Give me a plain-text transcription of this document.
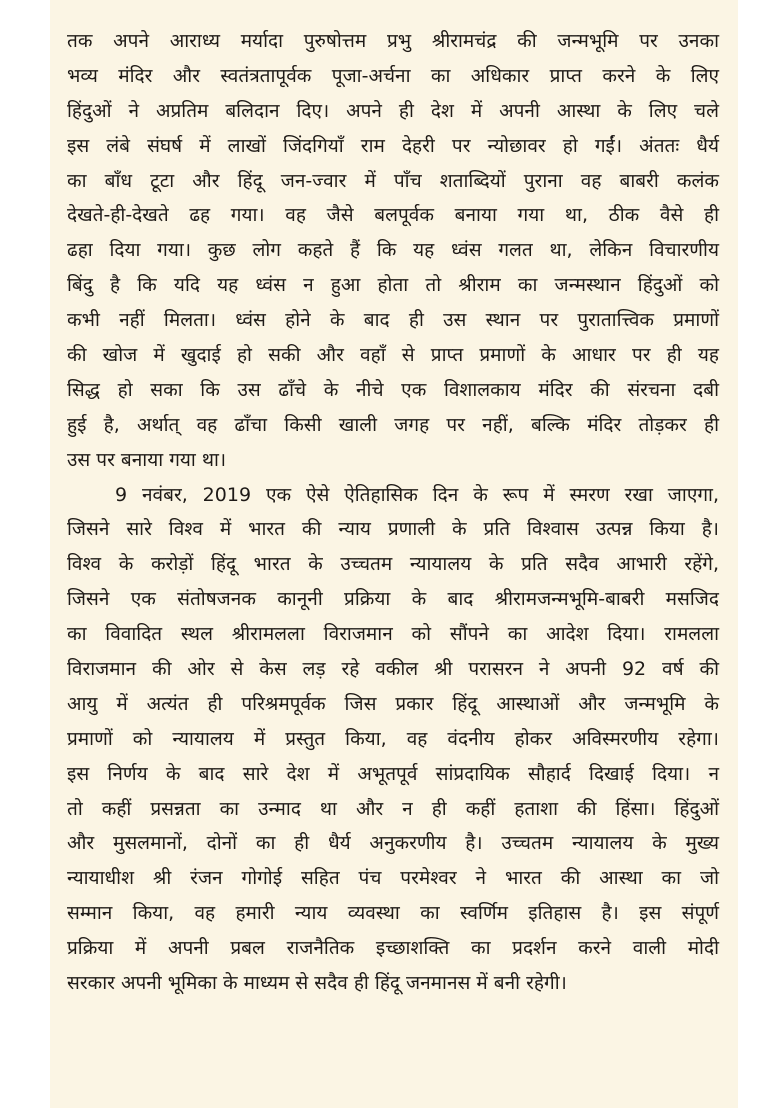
तक अपने आराध्य मर्यादा पुरुषोत्तम प्रभु श्रीरामचंद्र की जन्मभूमि पर उनका
भव्य मंदिर और स्वतंत्रतापूर्वक पूजा-अर्चना का अधिकार प्राप्त करने के लिए
हिंदुओं ने अप्रतिम बलिदान दिए। अपने ही देश में अपनी आस्था के लिए चले
इस लंबे संघर्ष में लाखों जिंदगियाँ राम देहरी पर न्योछावर हो गईं। अंततः धैर्य
का बाँध टूटा और हिंदू जन-ज्वार में पाँच शताब्दियों पुराना वह बाबरी कलंक
देखते-ही-देखते ढह गया। वह जैसे बलपूर्वक बनाया गया था, ठीक वैसे ही
ढहा दिया गया। कुछ लोग कहते हैं कि यह ध्वंस गलत था, लेकिन विचारणीय
बिंदु है कि यदि यह ध्वंस न हुआ होता तो श्रीराम का जन्मस्थान हिंदुओं को
कभी नहीं मिलता। ध्वंस होने के बाद ही उस स्थान पर पुरातात्त्विक प्रमाणों
की खोज में खुदाई हो सकी और वहाँ से प्राप्त प्रमाणों के आधार पर ही यह
सिद्ध हो सका कि उस ढाँचे के नीचे एक विशालकाय मंदिर की संरचना दबी
हुई है, अर्थात् वह ढाँचा किसी खाली जगह पर नहीं, बल्कि मंदिर तोड़कर ही
उस पर बनाया गया था।
9 नवंबर, 2019 एक ऐसे ऐतिहासिक दिन के रूप में स्मरण रखा जाएगा,
जिसने सारे विश्व में भारत की न्याय प्रणाली के प्रति विश्वास उत्पन्न किया है।
विश्व के करोड़ों हिंदू भारत के उच्चतम न्यायालय के प्रति सदैव आभारी रहेंगे,
जिसने एक संतोषजनक कानूनी प्रक्रिया के बाद श्रीरामजन्मभूमि-बाबरी मसजिद
का विवादित स्थल श्रीरामलला विराजमान को सौंपने का आदेश दिया। रामलला
विराजमान की ओर से केस लड़ रहे वकील श्री परासरन ने अपनी 92 वर्ष की
आयु में अत्यंत ही परिश्रमपूर्वक जिस प्रकार हिंदू आस्थाओं और जन्मभूमि के
प्रमाणों को न्यायालय में प्रस्तुत किया, वह वंदनीय होकर अविस्मरणीय रहेगा।
इस निर्णय के बाद सारे देश में अभूतपूर्व सांप्रदायिक सौहार्द दिखाई दिया। न
तो कहीं प्रसन्नता का उन्माद था और न ही कहीं हताशा की हिंसा। हिंदुओं
और मुसलमानों, दोनों का ही धैर्य अनुकरणीय है। उच्चतम न्यायालय के मुख्य
न्यायाधीश श्री रंजन गोगोई सहित पंच परमेश्वर ने भारत की आस्था का जो
सम्मान किया, वह हमारी न्याय व्यवस्था का स्वर्णिम इतिहास है। इस संपूर्ण
प्रक्रिया में अपनी प्रबल राजनैतिक इच्छाशक्ति का प्रदर्शन करने वाली मोदी
सरकार अपनी भूमिका के माध्यम से सदैव ही हिंदू जनमानस में बनी रहेगी।
